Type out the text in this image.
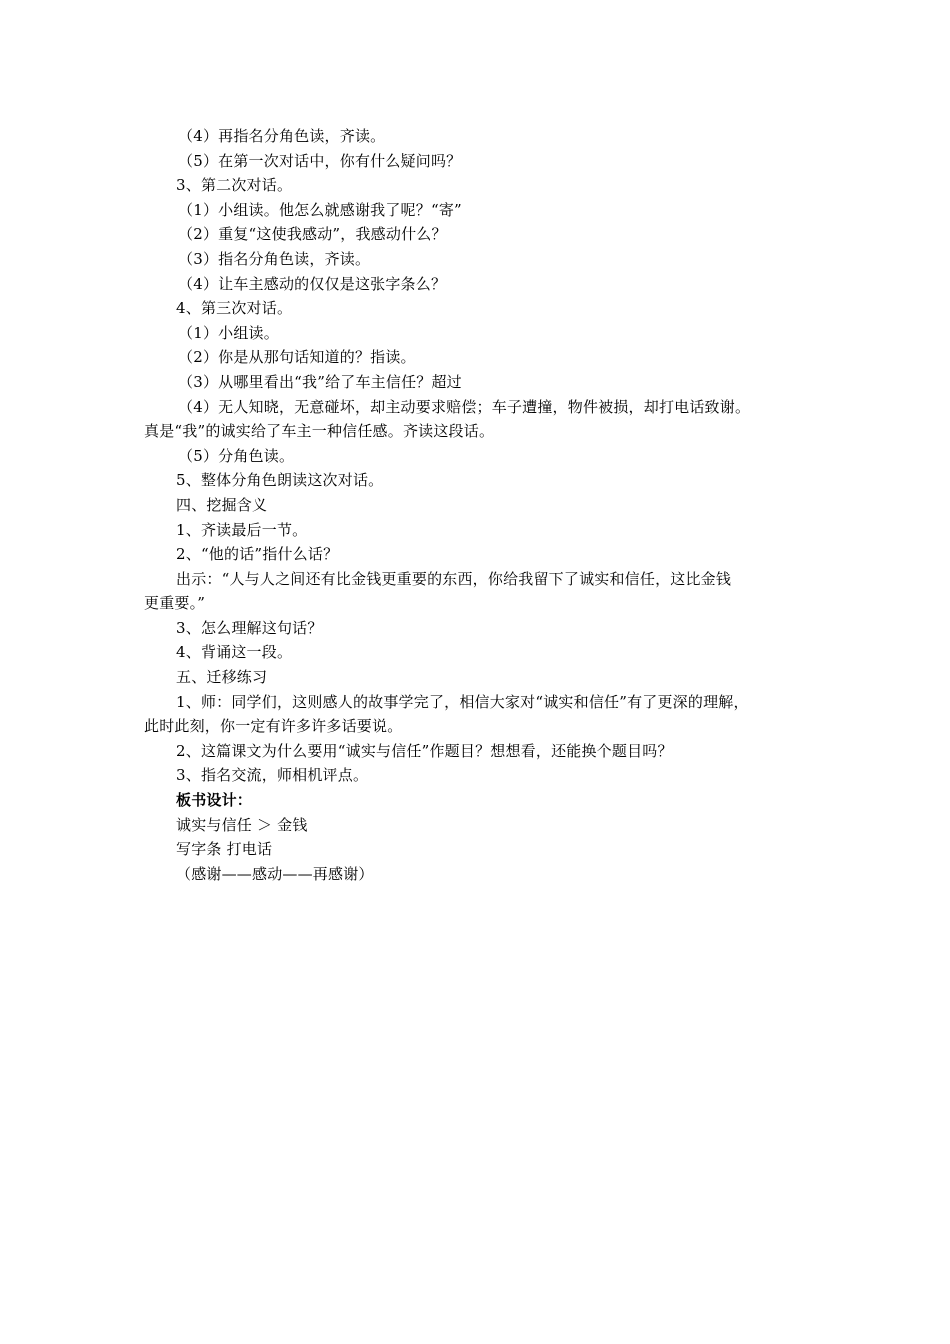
（4）再指名分角色读，齐读。
（5）在第一次对话中，你有什么疑问吗？
3、第二次对话。
（1）小组读。他怎么就感谢我了呢？“寄”
（2）重复“这使我感动”，我感动什么？
（3）指名分角色读，齐读。
（4）让车主感动的仅仅是这张字条么？
4、第三次对话。
（1）小组读。
（2）你是从那句话知道的？指读。
（3）从哪里看出“我”给了车主信任？超过
（4）无人知晓，无意碰坏，却主动要求赔偿；车子遭撞，物件被损，却打电话致谢。
真是“我”的诚实给了车主一种信任感。齐读这段话。
（5）分角色读。
5、整体分角色朗读这次对话。
四、挖掘含义
1、齐读最后一节。
2、“他的话”指什么话？
出示：“人与人之间还有比金钱更重要的东西，你给我留下了诚实和信任，这比金钱
更重要。”
3、怎么理解这句话？
4、背诵这一段。
五、迁移练习
1、师：同学们，这则感人的故事学完了，相信大家对“诚实和信任”有了更深的理解，
此时此刻，你一定有许多许多话要说。
2、这篇课文为什么要用“诚实与信任”作题目？想想看，还能换个题目吗？
3、指名交流，师相机评点。
板书设计：
诚实与信任 ＞ 金钱
写字条 打电话
（感谢——感动——再感谢）
